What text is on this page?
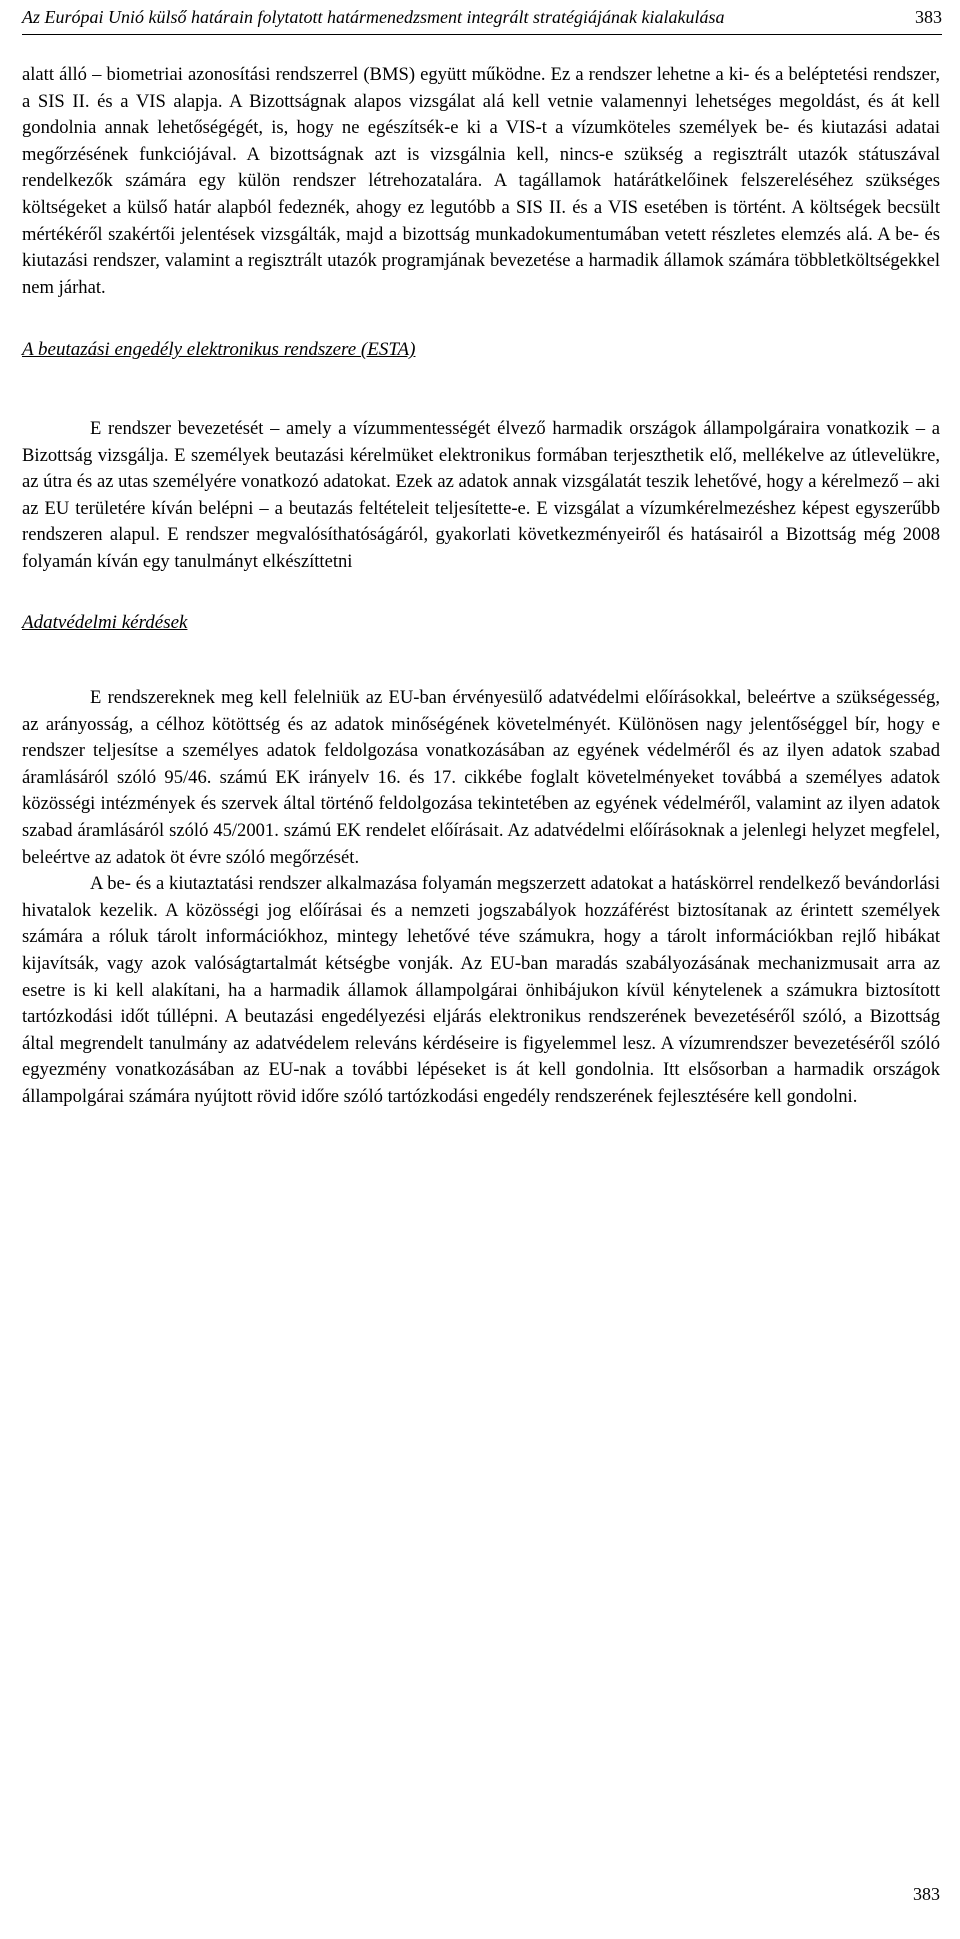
Az Európai Unió külső határain folytatott határmenedzsment integrált stratégiájának kialakulása	383

alatt álló – biometriai azonosítási rendszerrel (BMS) együtt működne. Ez a rendszer lehetne a ki- és a beléptetési rendszer, a SIS II. és a VIS alapja. A Bizottságnak alapos vizsgálat alá kell vetnie valamennyi lehetséges megoldást, és át kell gondolnia annak lehetőségégét, is, hogy ne egészítsék-e ki a VIS-t a vízumköteles személyek be- és kiutazási adatai megőrzésének funkciójával. A bizottságnak azt is vizsgálnia kell, nincs-e szükség a regisztrált utazók státuszával rendelkezők számára egy külön rendszer létrehozatalára. A tagállamok határátkelőinek felszereléséhez szükséges költségeket a külső határ alapból fedeznék, ahogy ez legutóbb a SIS II. és a VIS esetében is történt. A költségek becsült mértékéről szakértői jelentések vizsgálták, majd a bizottság munkadokumentumában vetett részletes elemzés alá. A be- és kiutazási rendszer, valamint a regisztrált utazók programjának bevezetése a harmadik államok számára többletköltségekkel nem járhat.

A beutazási engedély elektronikus rendszere (ESTA)

E rendszer bevezetését – amely a vízummentességét élvező harmadik országok állampolgáraira vonatkozik – a Bizottság vizsgálja. E személyek beutazási kérelmüket elektronikus formában terjeszthetik elő, mellékelve az útlevelükre, az útra és az utas személyére vonatkozó adatokat. Ezek az adatok annak vizsgálatát teszik lehetővé, hogy a kérelmező – aki az EU területére kíván belépni – a beutazás feltételeit teljesítette-e. E vizsgálat a vízumkérelmezéshez képest egyszerűbb rendszeren alapul. E rendszer megvalósíthatóságáról, gyakorlati következményeiről és hatásairól a Bizottság még 2008 folyamán kíván egy tanulmányt elkészíttetni

Adatvédelmi kérdések

E rendszereknek meg kell felelniük az EU-ban érvényesülő adatvédelmi előírásokkal, beleértve a szükségesség, az arányosság, a célhoz kötöttség és az adatok minőségének követelményét. Különösen nagy jelentőséggel bír, hogy e rendszer teljesítse a személyes adatok feldolgozása vonatkozásában az egyének védelméről és az ilyen adatok szabad áramlásáról szóló 95/46. számú EK irányelv 16. és 17. cikkébe foglalt követelményeket továbbá a személyes adatok közösségi intézmények és szervek által történő feldolgozása tekintetében az egyének védelméről, valamint az ilyen adatok szabad áramlásáról szóló 45/2001. számú EK rendelet előírásait. Az adatvédelmi előírásoknak a jelenlegi helyzet megfelel, beleértve az adatok öt évre szóló megőrzését.

A be- és a kiutaztatási rendszer alkalmazása folyamán megszerzett adatokat a hatáskörrel rendelkező bevándorlási hivatalok kezelik. A közösségi jog előírásai és a nemzeti jogszabályok hozzáférést biztosítanak az érintett személyek számára a róluk tárolt információkhoz, mintegy lehetővé téve számukra, hogy a tárolt információkban rejlő hibákat kijavítsák, vagy azok valóságtartalmát kétségbe vonják. Az EU-ban maradás szabályozásának mechanizmusait arra az esetre is ki kell alakítani, ha a harmadik államok állampolgárai önhibájukon kívül kénytelenek a számukra biztosított tartózkodási időt túllépni. A beutazási engedélyezési eljárás elektronikus rendszerének bevezetéséről szóló, a Bizottság által megrendelt tanulmány az adatvédelem releváns kérdéseire is figyelemmel lesz. A vízumrendszer bevezetéséről szóló egyezmény vonatkozásában az EU-nak a további lépéseket is át kell gondolnia. Itt elsősorban a harmadik országok állampolgárai számára nyújtott rövid időre szóló tartózkodási engedély rendszerének fejlesztésére kell gondolni.

383
